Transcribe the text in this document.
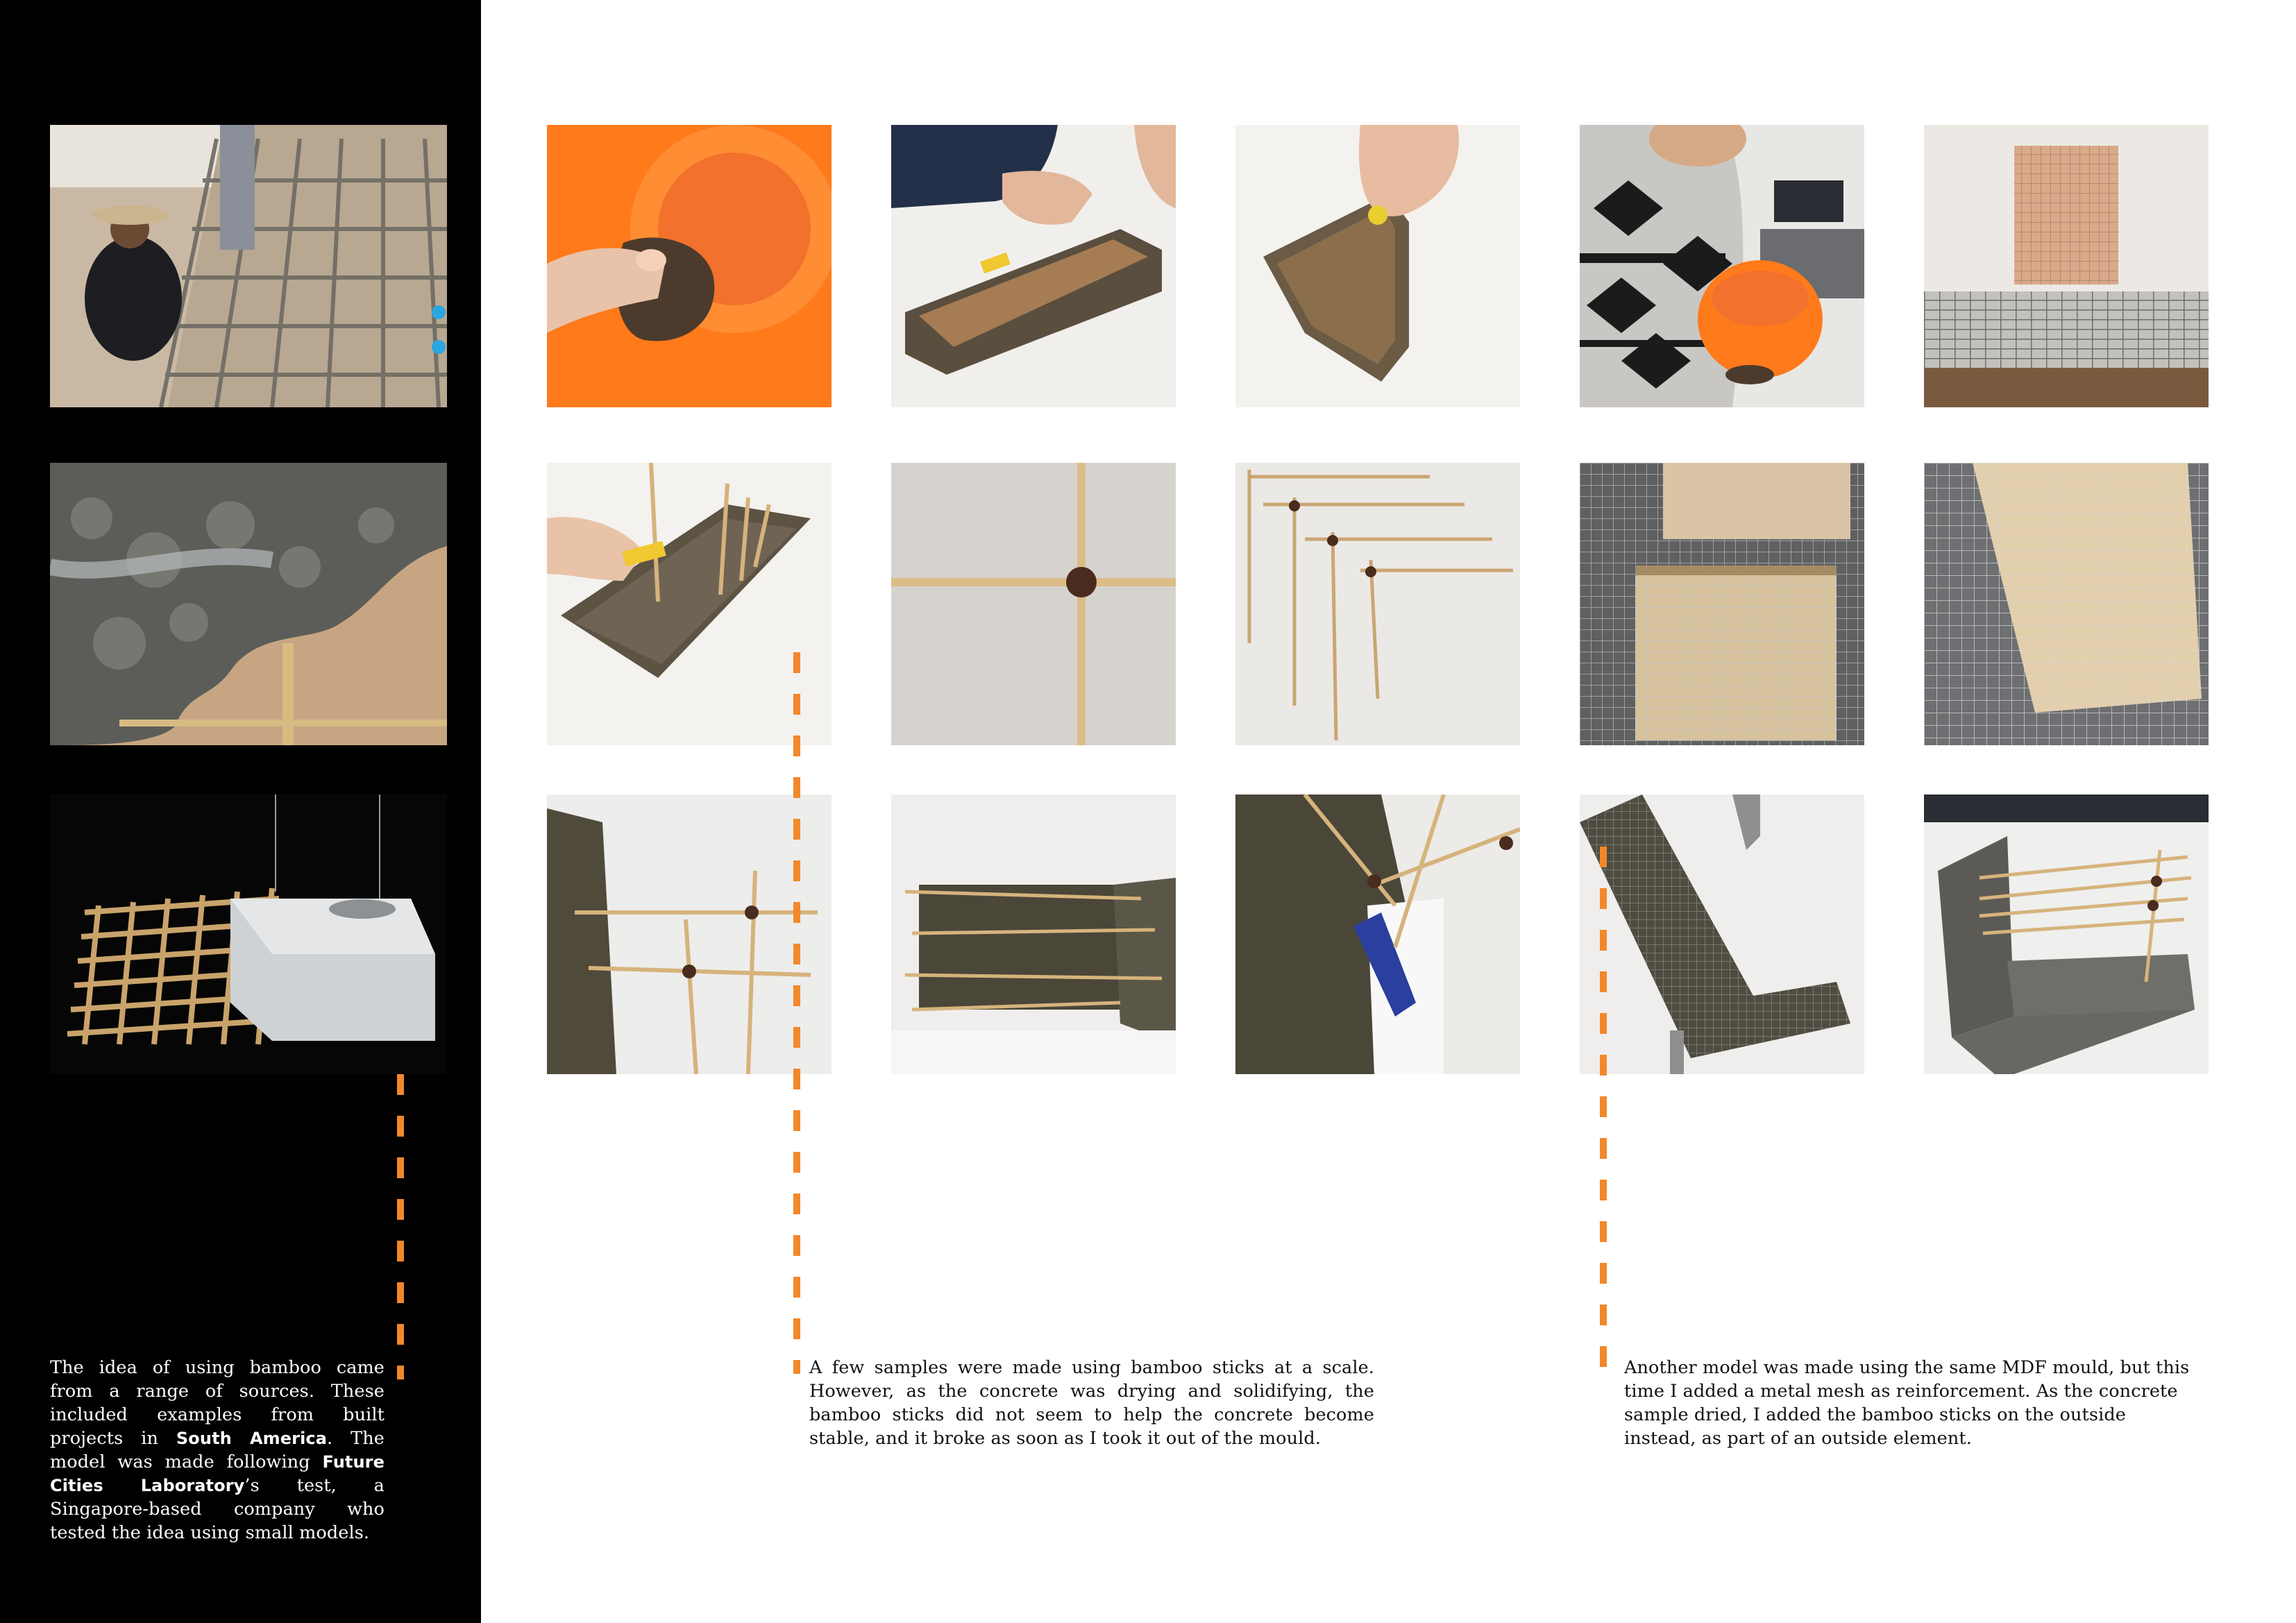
The idea of using bamboo came from a range of sources. These included examples from built projects in South America. The model was made following Future Cities Laboratory’s test, a Singapore-based company who tested the idea using small models.
A few samples were made using bamboo sticks at a scale. However, as the concrete was drying and solidifying, the bamboo sticks did not seem to help the concrete become stable, and it broke as soon as I took it out of the mould.
Another model was made using the same MDF mould, but this time I added a metal mesh as reinforcement. As the concrete sample dried, I added the bamboo sticks on the outside instead, as part of an outside element.
